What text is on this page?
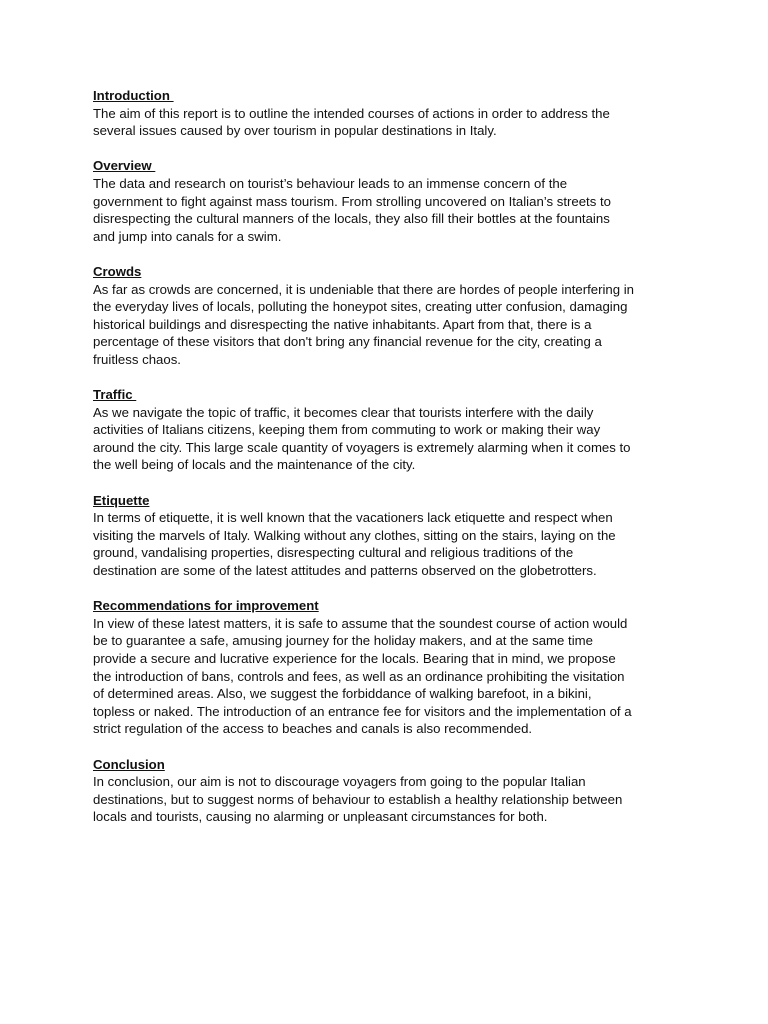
Introduction
The aim of this report is to outline the intended courses of actions in order to address the
several issues caused by over tourism in popular destinations in Italy.
Overview
The data and research on tourist’s behaviour leads to an immense concern of the
government to fight against mass tourism. From strolling uncovered on Italian’s streets to
disrespecting the cultural manners of the locals, they also fill their bottles at the fountains
and jump into canals for a swim.
Crowds
As far as crowds are concerned, it is undeniable that there are hordes of people interfering in
the everyday lives of locals, polluting the honeypot sites, creating utter confusion, damaging
historical buildings and disrespecting the native inhabitants. Apart from that, there is a
percentage of these visitors that don't bring any financial revenue for the city, creating a
fruitless chaos.
Traffic
As we navigate the topic of traffic, it becomes clear that tourists interfere with the daily
activities of Italians citizens, keeping them from commuting to work or making their way
around the city. This large scale quantity of voyagers is extremely alarming when it comes to
the well being of locals and the maintenance of the city.
Etiquette
In terms of etiquette, it is well known that the vacationers lack etiquette and respect when
visiting the marvels of Italy. Walking without any clothes, sitting on the stairs, laying on the
ground, vandalising properties, disrespecting cultural and religious traditions of the
destination are some of the latest attitudes and patterns observed on the globetrotters.
Recommendations for improvement
In view of these latest matters, it is safe to assume that the soundest course of action would
be to guarantee a safe, amusing journey for the holiday makers, and at the same time
provide a secure and lucrative experience for the locals. Bearing that in mind, we propose
the introduction of bans, controls and fees, as well as an ordinance prohibiting the visitation
of determined areas. Also, we suggest the forbiddance of walking barefoot, in a bikini,
topless or naked. The introduction of an entrance fee for visitors and the implementation of a
strict regulation of the access to beaches and canals is also recommended.
Conclusion
In conclusion, our aim is not to discourage voyagers from going to the popular Italian
destinations, but to suggest norms of behaviour to establish a healthy relationship between
locals and tourists, causing no alarming or unpleasant circumstances for both.
